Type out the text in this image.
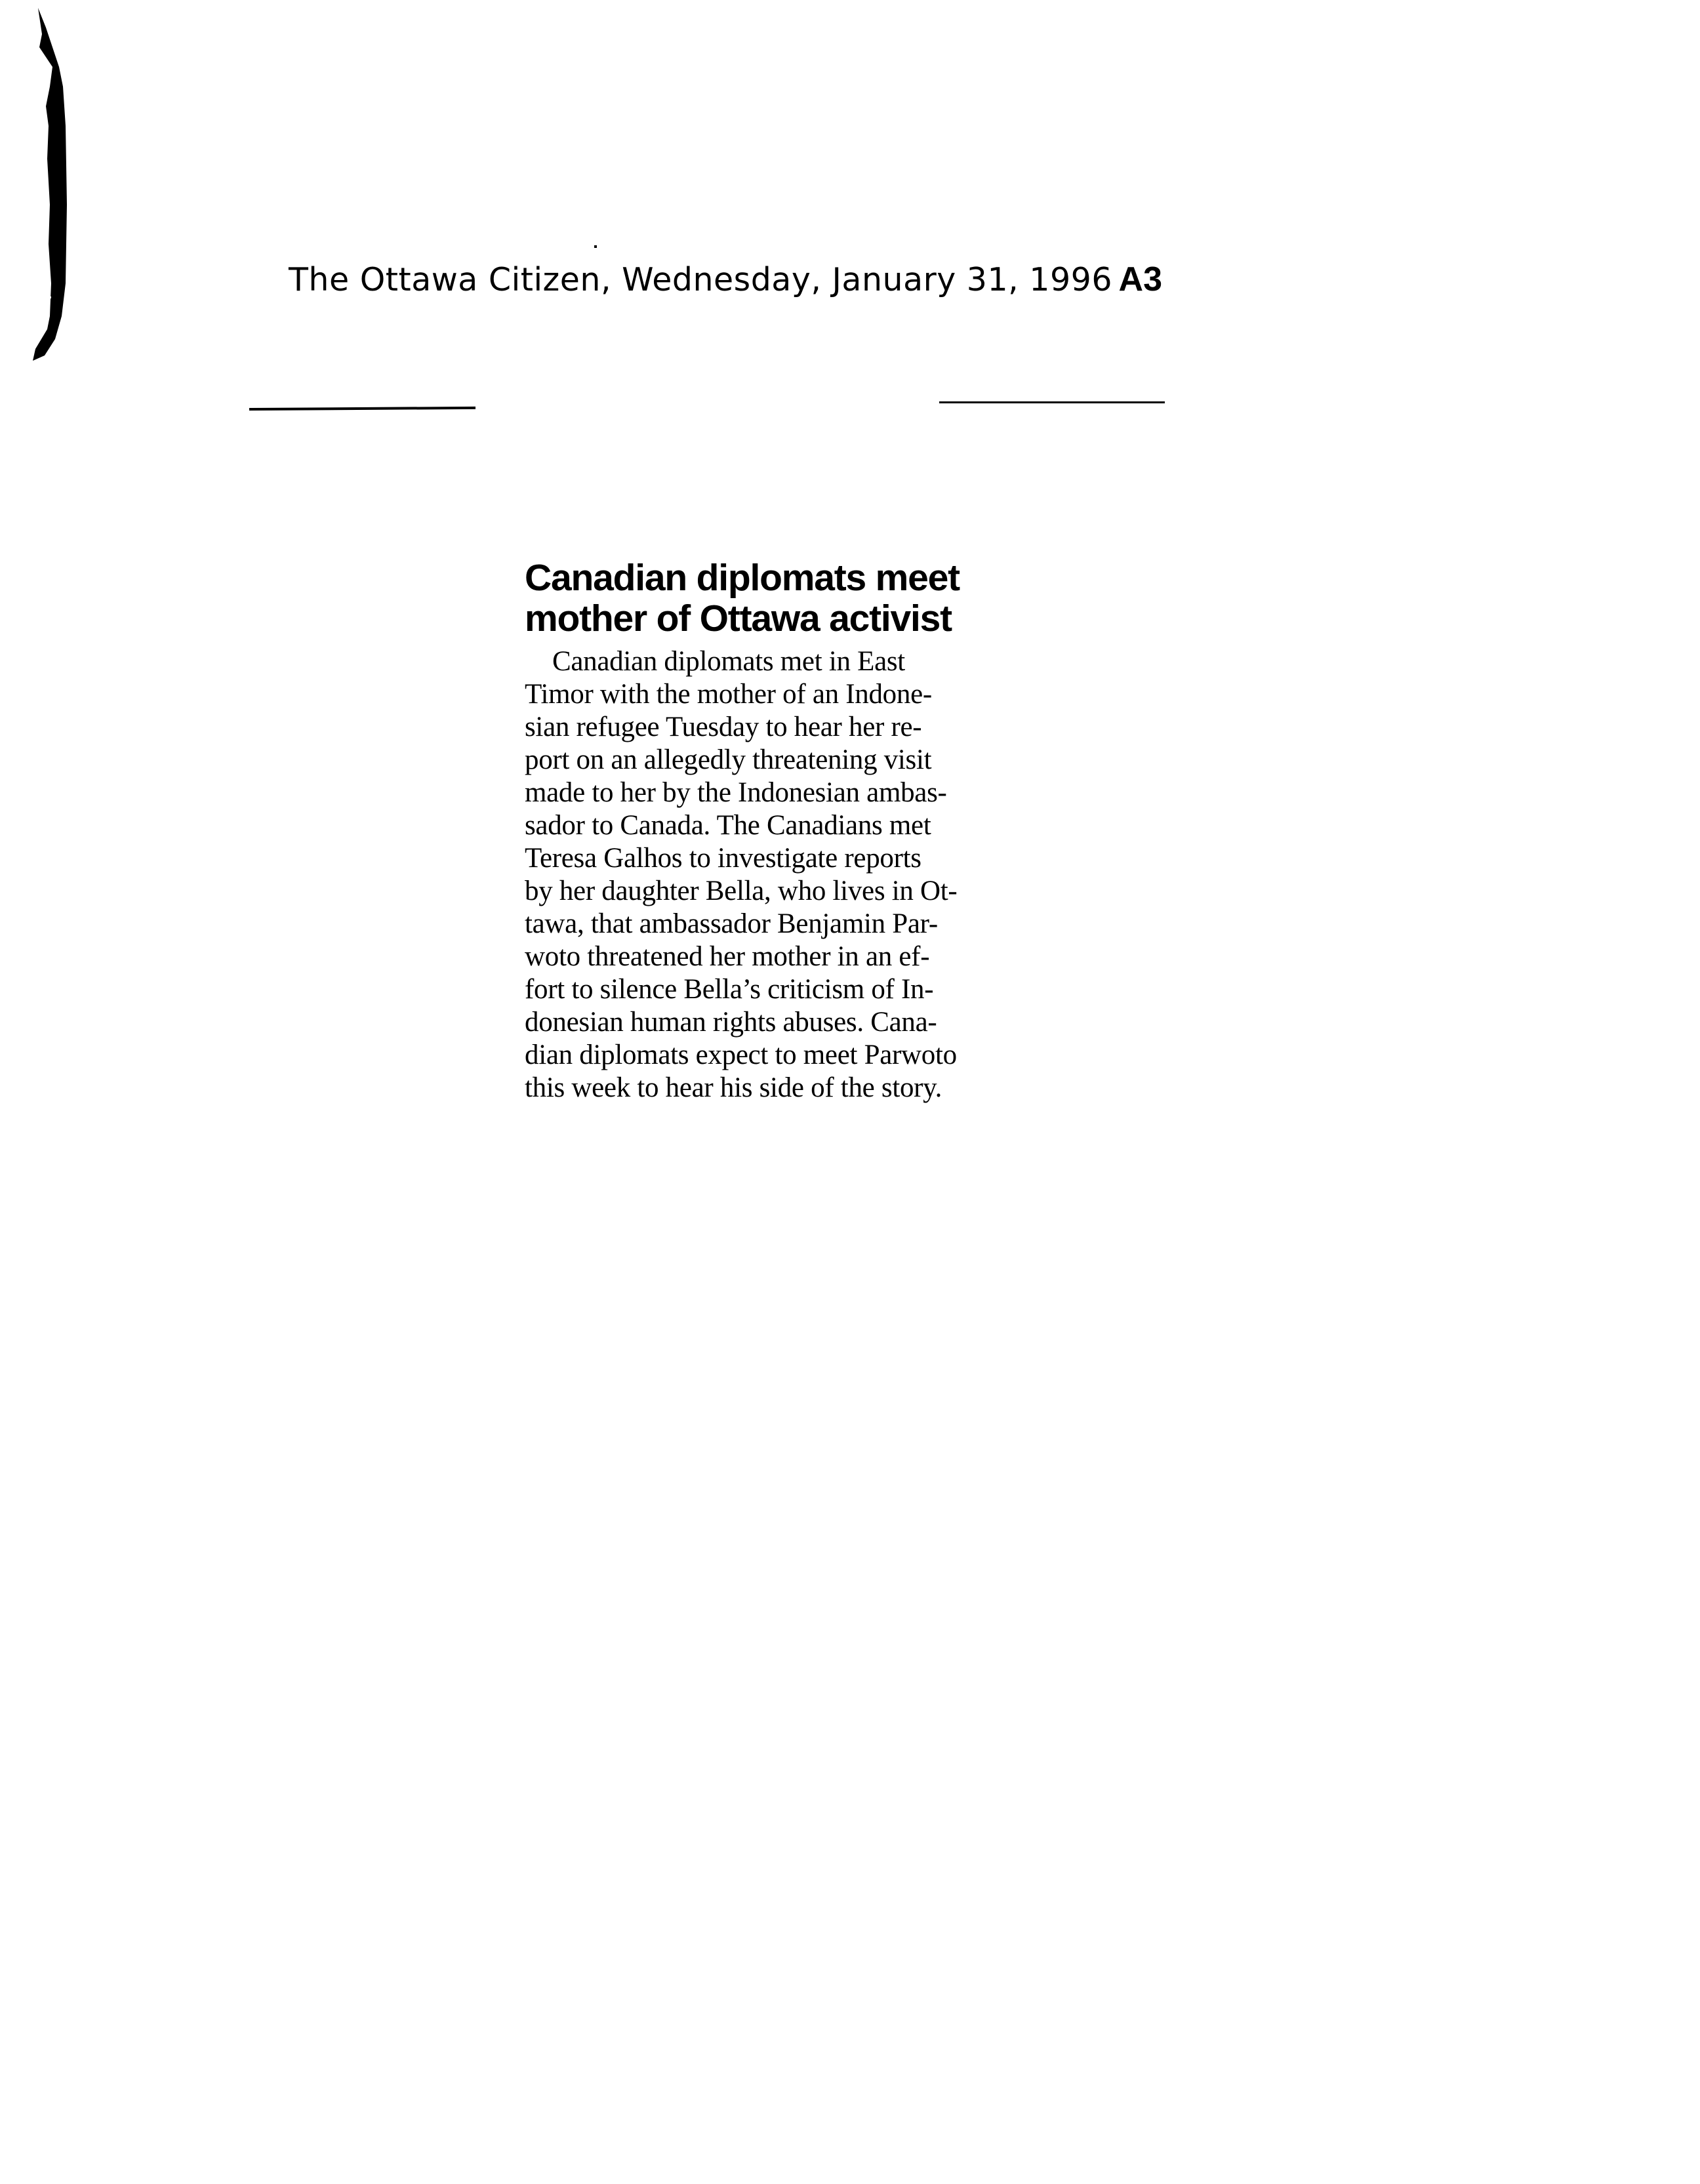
The Ottawa Citizen, Wednesday, January 31, 1996 A3
Canadian diplomats meet
mother of Ottawa activist
Canadian diplomats met in East
Timor with the mother of an Indone-
sian refugee Tuesday to hear her re-
port on an allegedly threatening visit
made to her by the Indonesian ambas-
sador to Canada. The Canadians met
Teresa Galhos to investigate reports
by her daughter Bella, who lives in Ot-
tawa, that ambassador Benjamin Par-
woto threatened her mother in an ef-
fort to silence Bella’s criticism of In-
donesian human rights abuses. Cana-
dian diplomats expect to meet Parwoto
this week to hear his side of the story.
